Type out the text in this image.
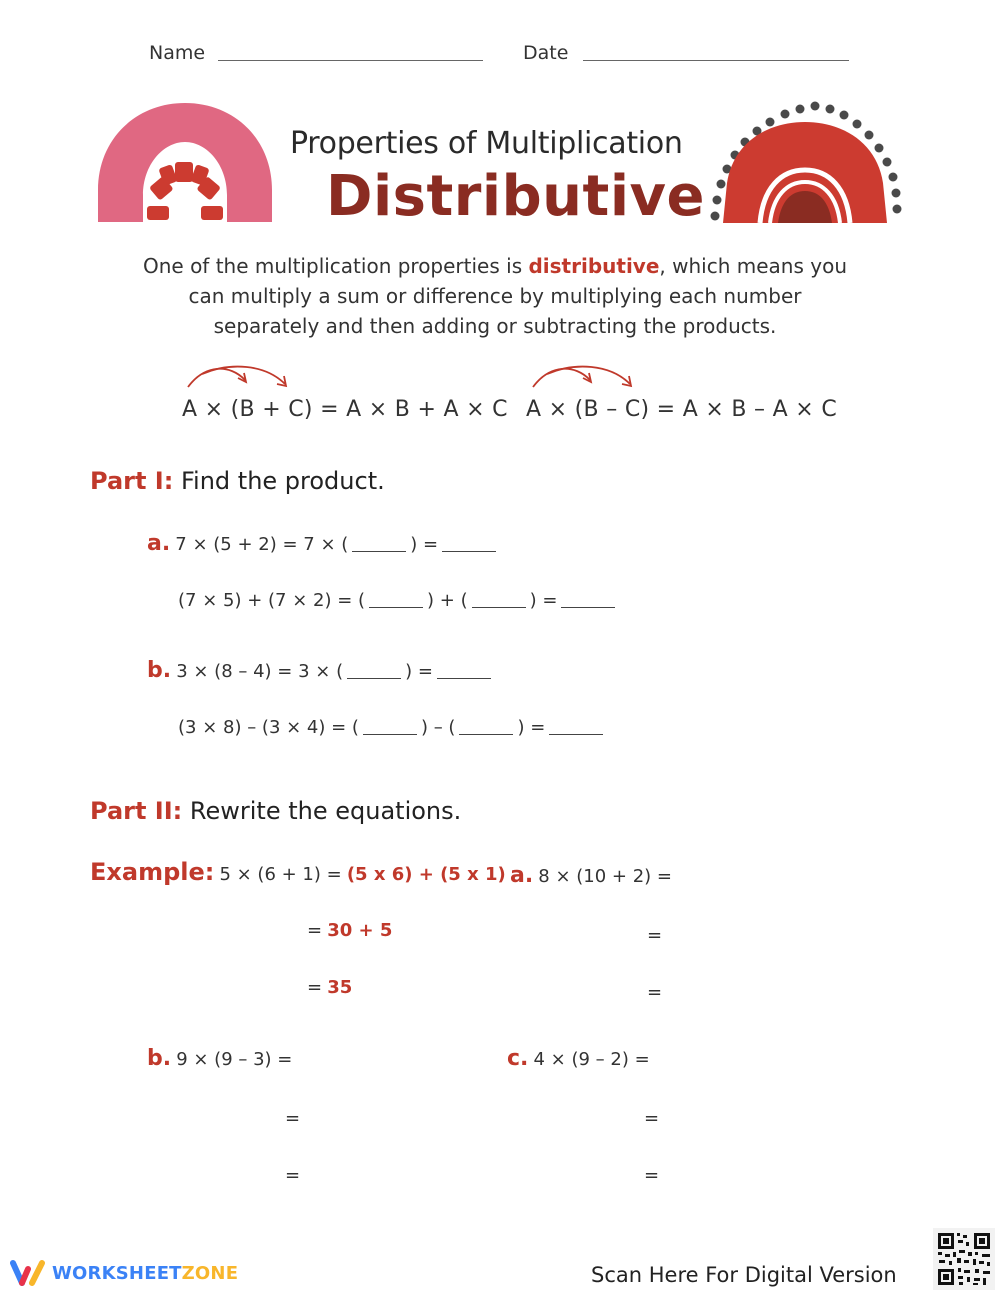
Name	Date
Properties of Multiplication
Distributive
One of the multiplication properties is distributive, which means you can multiply a sum or difference by multiplying each number separately and then adding or subtracting the products.
A × (B + C) = A × B + A × C A × (B – C) = A × B – A × C
Part I: Find the product.
a. 7 × (5 + 2) = 7 × (	) =
(7 × 5) + (7 × 2) = (	) + (	) =
b. 3 × (8 – 4) = 3 × (	) =
(3 × 8) – (3 × 4) = (	) – (	) =
Part II: Rewrite the equations.
Example: 5 × (6 + 1) = (5 x 6) + (5 x 1)
= 30 + 5
= 35
a. 8 × (10 + 2) =
=
=
b. 9 × (9 – 3) =
=
=
c. 4 × (9 – 2) =
=
=
WORKSHEET ZONE	Scan Here For Digital Version
